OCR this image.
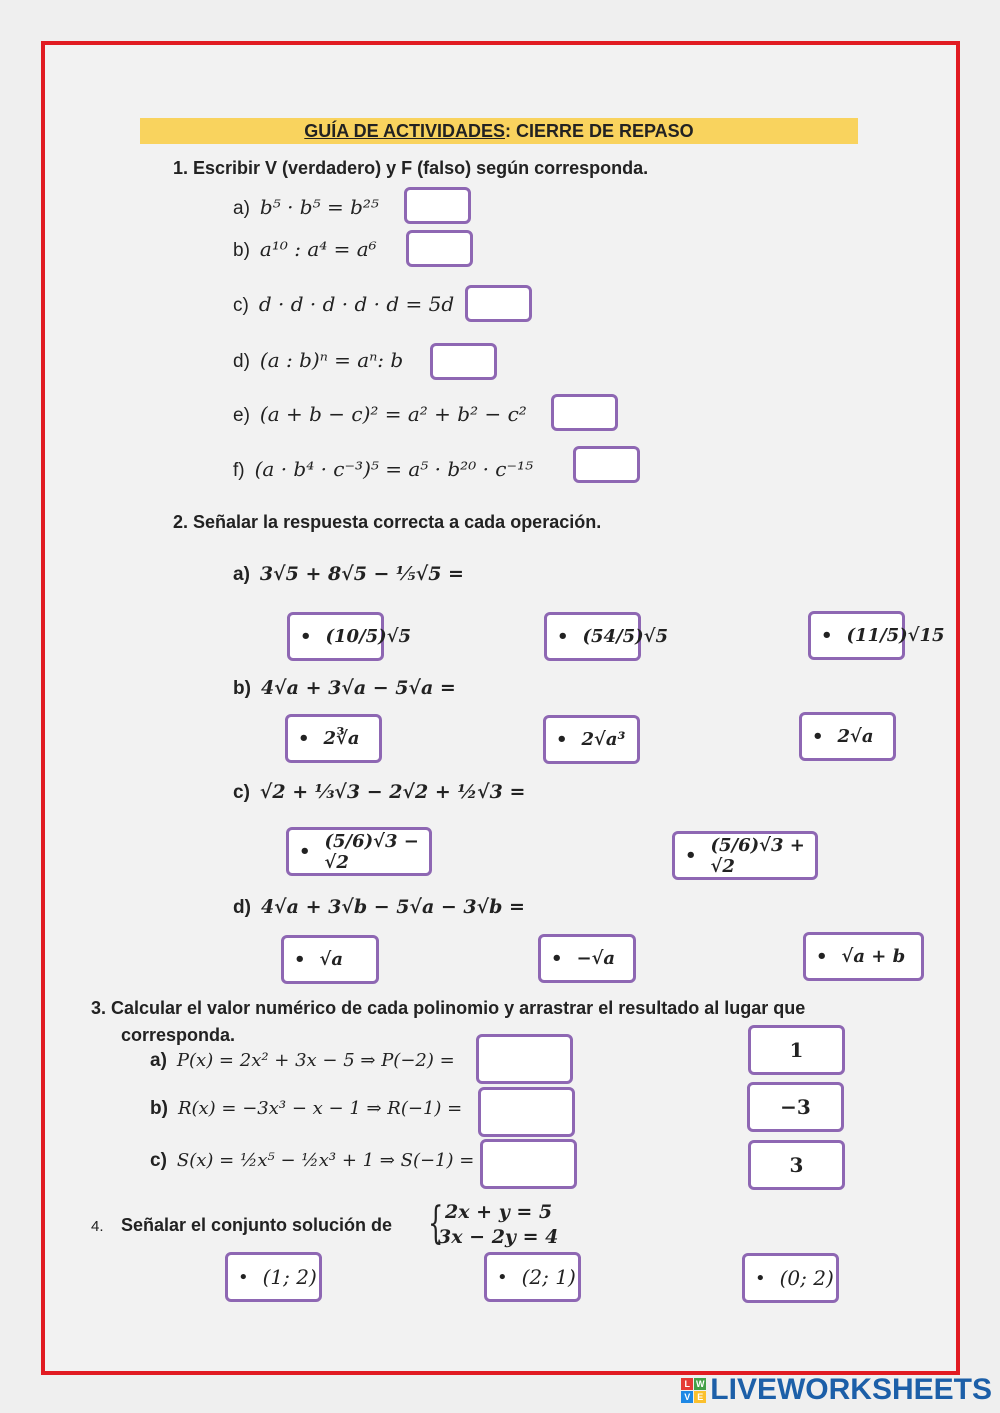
GUÍA DE ACTIVIDADES: CIERRE DE REPASO
1. Escribir V (verdadero) y F (falso) según corresponda.
a) b⁵ · b⁵ = b²⁵
b) a¹⁰ : a⁴ = a⁶
c) d · d · d · d · d = 5d
d) (a : b)ⁿ = aⁿ: b
e) (a + b − c)² = a² + b² − c²
f) (a · b⁴ · c⁻³)⁵ = a⁵ · b²⁰ · c⁻¹⁵
2. Señalar la respuesta correcta a cada operación.
a) 3√5 + 8√5 − ⅕√5 =
• (10/5)√5	• (54/5)√5	• (11/5)√15
b) 4√a + 3√a − 5√a =
• 2∛a	• 2√a³	• 2√a
c) √2 + ⅓√3 − 2√2 + ½√3 =
• (5/6)√3 − √2	• (5/6)√3 + √2
d) 4√a + 3√b − 5√a − 3√b =
• √a	• −√a	• √a + b
3. Calcular el valor numérico de cada polinomio y arrastrar el resultado al lugar que
corresponda.
a) P(x) = 2x² + 3x − 5 ⇒ P(−2) =
b) R(x) = −3x³ − x − 1 ⇒ R(−1) =
c) S(x) = ½x⁵ − ½x³ + 1 ⇒ S(−1) =
1
−3
3
4. Señalar el conjunto solución de { 2x + y = 5
3x − 2y = 4
• (1; 2)	• (2; 1)	• (0; 2)
L W
V E LIVEWORKSHEETS
